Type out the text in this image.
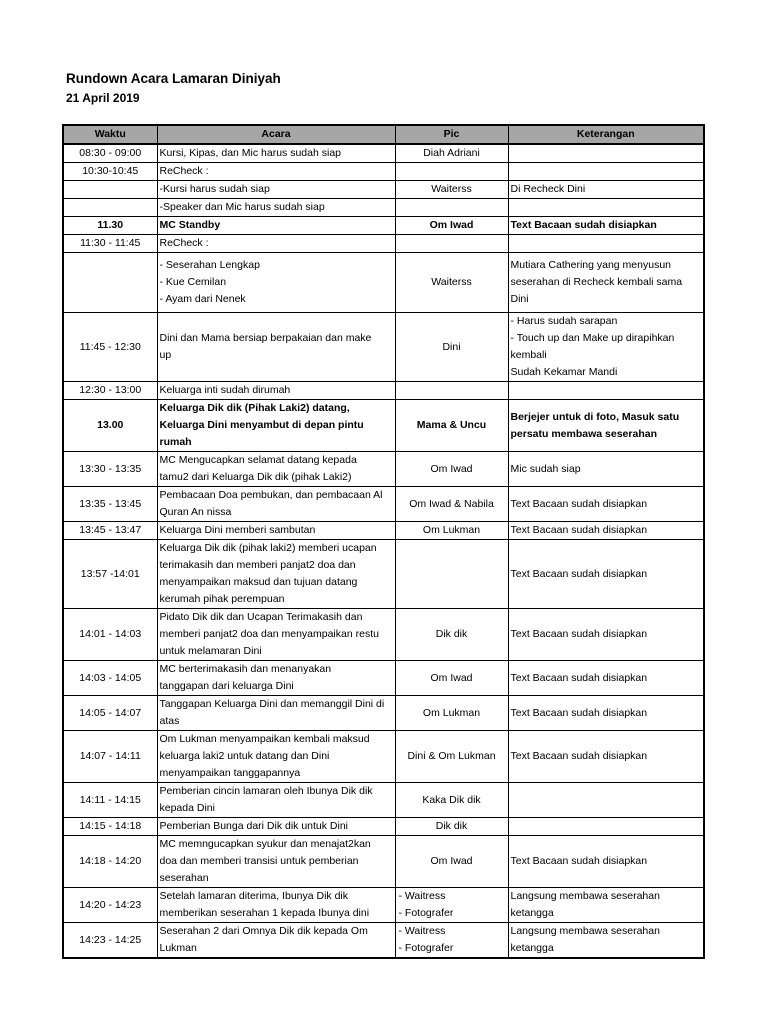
Rundown Acara Lamaran Diniyah
21 April 2019
Waktu	Acara	Pic	Keterangan
08:30 - 09:00	Kursi, Kipas, dan Mic harus sudah siap	Diah Adriani	

10:30-10:45	ReCheck :		

	-Kursi harus sudah siap	Waiterss	Di Recheck Dini

	-Speaker dan Mic harus sudah siap		

11.30	MC Standby	Om Iwad	Text Bacaan sudah disiapkan

11:30 - 11:45	ReCheck :		

	- Seserahan Lengkap
- Kue Cemilan
- Ayam dari Nenek	Waiterss	Mutiara Cathering yang menyusun
seserahan di Recheck kembali sama
Dini

11:45 - 12:30	Dini dan Mama bersiap berpakaian dan make
up	Dini	- Harus sudah sarapan
- Touch up dan Make up dirapihkan
kembali
Sudah Kekamar Mandi

12:30 - 13:00	Keluarga inti sudah dirumah		

13.00	Keluarga Dik dik (Pihak Laki2) datang,
Keluarga Dini menyambut di depan pintu
rumah	Mama & Uncu	Berjejer untuk di foto, Masuk satu
persatu membawa seserahan

13:30 - 13:35	MC Mengucapkan selamat datang kepada
tamu2 dari Keluarga Dik dik (pihak Laki2)	Om Iwad	Mic sudah siap

13:35 - 13:45	Pembacaan Doa pembukan, dan pembacaan Al
Quran An nissa	Om Iwad & Nabila	Text Bacaan sudah disiapkan

13:45 - 13:47	Keluarga Dini memberi sambutan	Om Lukman	Text Bacaan sudah disiapkan

13:57 -14:01	Keluarga Dik dik (pihak laki2) memberi ucapan
terimakasih dan memberi panjat2 doa dan
menyampaikan maksud dan tujuan datang
kerumah pihak perempuan		Text Bacaan sudah disiapkan

14:01 - 14:03	Pidato Dik dik dan Ucapan Terimakasih dan
memberi panjat2 doa dan menyampaikan restu
untuk melamaran Dini	Dik dik	Text Bacaan sudah disiapkan

14:03 - 14:05	MC berterimakasih dan menanyakan
tanggapan dari keluarga Dini	Om Iwad	Text Bacaan sudah disiapkan

14:05 - 14:07	Tanggapan Keluarga Dini dan memanggil Dini di
atas	Om Lukman	Text Bacaan sudah disiapkan

14:07 - 14:11	Om Lukman menyampaikan kembali maksud
keluarga laki2 untuk datang dan Dini
menyampaikan tanggapannya	Dini & Om Lukman	Text Bacaan sudah disiapkan

14:11 - 14:15	Pemberian cincin lamaran oleh Ibunya Dik dik
kepada Dini	Kaka Dik dik	

14:15 - 14:18	Pemberian Bunga dari Dik dik untuk Dini	Dik dik	

14:18 - 14:20	MC memngucapkan syukur dan menajat2kan
doa dan memberi transisi untuk pemberian
seserahan	Om Iwad	Text Bacaan sudah disiapkan

14:20 - 14:23	Setelah lamaran diterima, Ibunya Dik dik
memberikan seserahan 1 kepada Ibunya dini	- Waitress
- Fotografer	Langsung membawa seserahan
ketangga

14:23 - 14:25	Seserahan 2 dari Omnya Dik dik kepada Om
Lukman	- Waitress
- Fotografer	Langsung membawa seserahan
ketangga
